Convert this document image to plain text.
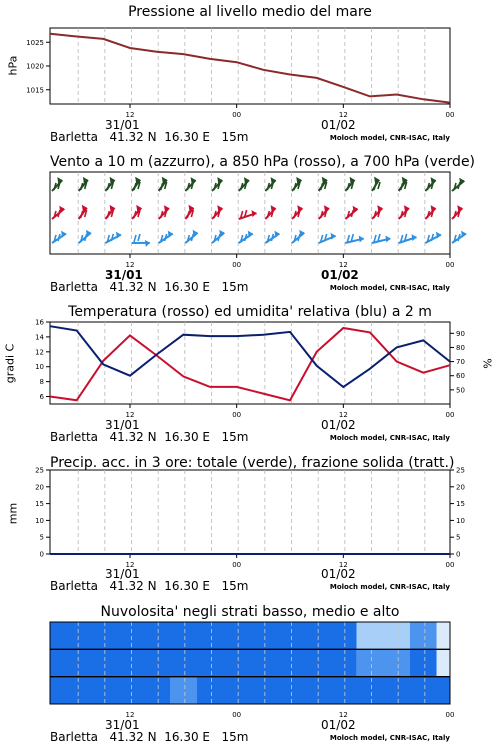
Pressione al livello medio del mare
hPa
12	00	12	00
1015
1020
1025
31/01	01/02
Barletta 41.32 N 16.30 E 15m	Moloch model, CNR-ISAC, Italy
Vento a 10 m (azzurro), a 850 hPa (rosso), a 700 hPa (verde)
12	00	12	00
31/01	01/02
Barletta 41.32 N 16.30 E 15m	Moloch model, CNR-ISAC, Italy
Temperatura (rosso) ed umidita' relativa (blu) a 2 m
gradi C	%
12	00	12	00
6
8
10
12
14
16
50
60
70
80
90
31/01	01/02
Barletta 41.32 N 16.30 E 15m	Moloch model, CNR-ISAC, Italy
Precip. acc. in 3 ore: totale (verde), frazione solida (tratt.)
mm
12	00	12	00
0
5
10
15
20
25
0
5
10
15
20
25
31/01	01/02
Barletta 41.32 N 16.30 E 15m	Moloch model, CNR-ISAC, Italy
Nuvolosita' negli strati basso, medio e alto
12	00	12	00
31/01	01/02
Barletta 41.32 N 16.30 E 15m	Moloch model, CNR-ISAC, Italy
